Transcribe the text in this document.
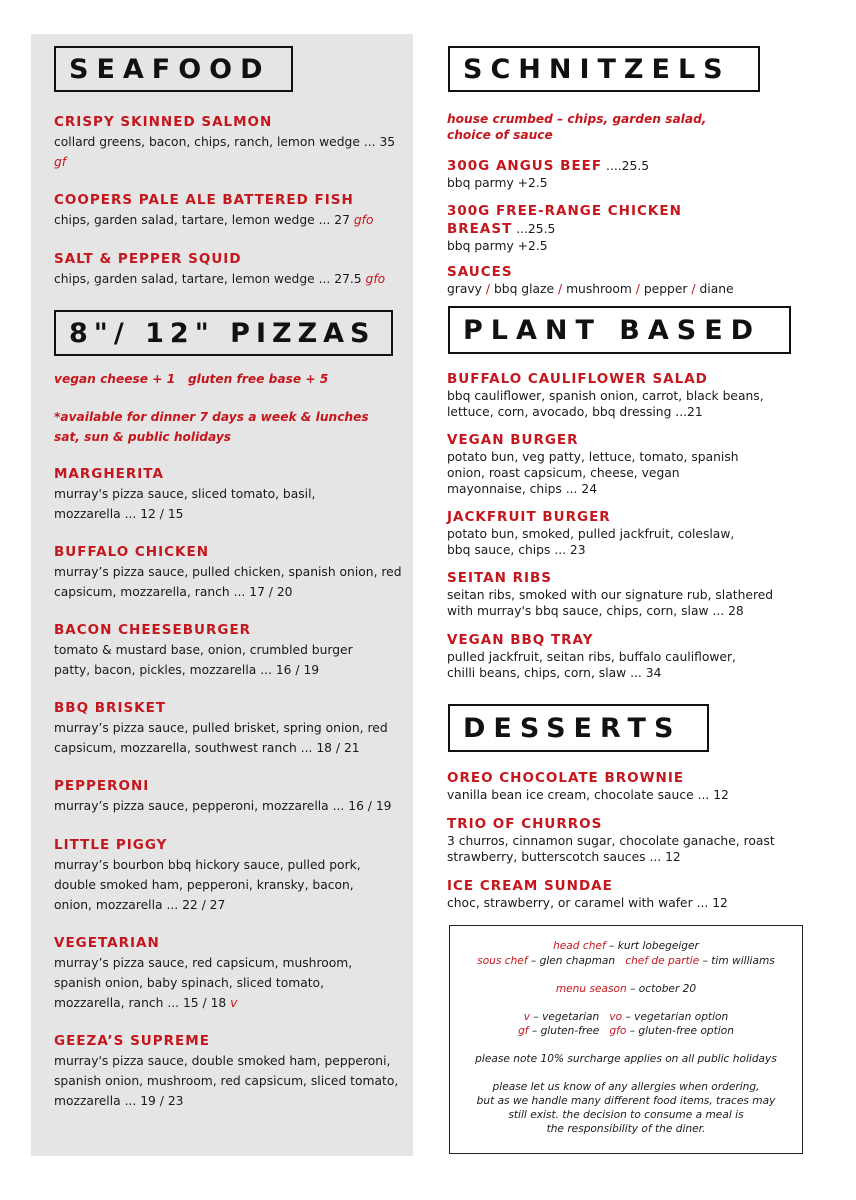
SEAFOOD
CRISPY SKINNED SALMON
collard greens, bacon, chips, ranch, lemon wedge ... 35 gf
COOPERS PALE ALE BATTERED FISH
chips, garden salad, tartare, lemon wedge ... 27 gfo
SALT & PEPPER SQUID
chips, garden salad, tartare, lemon wedge ... 27.5 gfo
8"/ 12" PIZZAS
vegan cheese + 1   gluten free base + 5
*available for dinner 7 days a week & lunches sat, sun & public holidays
MARGHERITA
murray's pizza sauce, sliced tomato, basil, mozzarella ... 12 / 15
BUFFALO CHICKEN
murray’s pizza sauce, pulled chicken, spanish onion, red capsicum, mozzarella, ranch ... 17 / 20
BACON CHEESEBURGER
tomato & mustard base, onion, crumbled burger patty, bacon, pickles, mozzarella ... 16 / 19
BBQ BRISKET
murray’s pizza sauce, pulled brisket, spring onion, red capsicum, mozzarella, southwest ranch ... 18 / 21
PEPPERONI
murray’s pizza sauce, pepperoni, mozzarella ... 16 / 19
LITTLE PIGGY
murray’s bourbon bbq hickory sauce, pulled pork, double smoked ham, pepperoni, kransky, bacon, onion, mozzarella ... 22 / 27
VEGETARIAN
murray’s pizza sauce, red capsicum, mushroom, spanish onion, baby spinach, sliced tomato, mozzarella, ranch ... 15 / 18 v
GEEZA’S SUPREME
murray's pizza sauce, double smoked ham, pepperoni, spanish onion, mushroom, red capsicum, sliced tomato, mozzarella ... 19 / 23
SCHNITZELS
house crumbed – chips, garden salad, choice of sauce
300G ANGUS BEEF ....25.5
bbq parmy +2.5
300G FREE-RANGE CHICKEN BREAST ...25.5
bbq parmy +2.5
SAUCES
gravy / bbq glaze / mushroom / pepper / diane
PLANT BASED
BUFFALO CAULIFLOWER SALAD
bbq cauliflower, spanish onion, carrot, black beans, lettuce, corn, avocado, bbq dressing ...21
VEGAN BURGER
potato bun, veg patty, lettuce, tomato, spanish onion, roast capsicum, cheese, vegan mayonnaise, chips ... 24
JACKFRUIT BURGER
potato bun, smoked, pulled jackfruit, coleslaw, bbq sauce, chips ... 23
SEITAN RIBS
seitan ribs, smoked with our signature rub, slathered with murray's bbq sauce, chips, corn, slaw ... 28
VEGAN BBQ TRAY
pulled jackfruit, seitan ribs, buffalo cauliflower, chilli beans, chips, corn, slaw ... 34
DESSERTS
OREO CHOCOLATE BROWNIE
vanilla bean ice cream, chocolate sauce ... 12
TRIO OF CHURROS
3 churros, cinnamon sugar, chocolate ganache, roast strawberry, butterscotch sauces ... 12
ICE CREAM SUNDAE
choc, strawberry, or caramel with wafer ... 12
head chef – kurt lobegeiger
sous chef – glen chapman chef de partie – tim williams
menu season – october 20
v – vegetarian vo – vegetarian option
gf – gluten-free gfo – gluten-free option
please note 10% surcharge applies on all public holidays
please let us know of any allergies when ordering,
but as we handle many different food items, traces may
still exist. the decision to consume a meal is
the responsibility of the diner.
